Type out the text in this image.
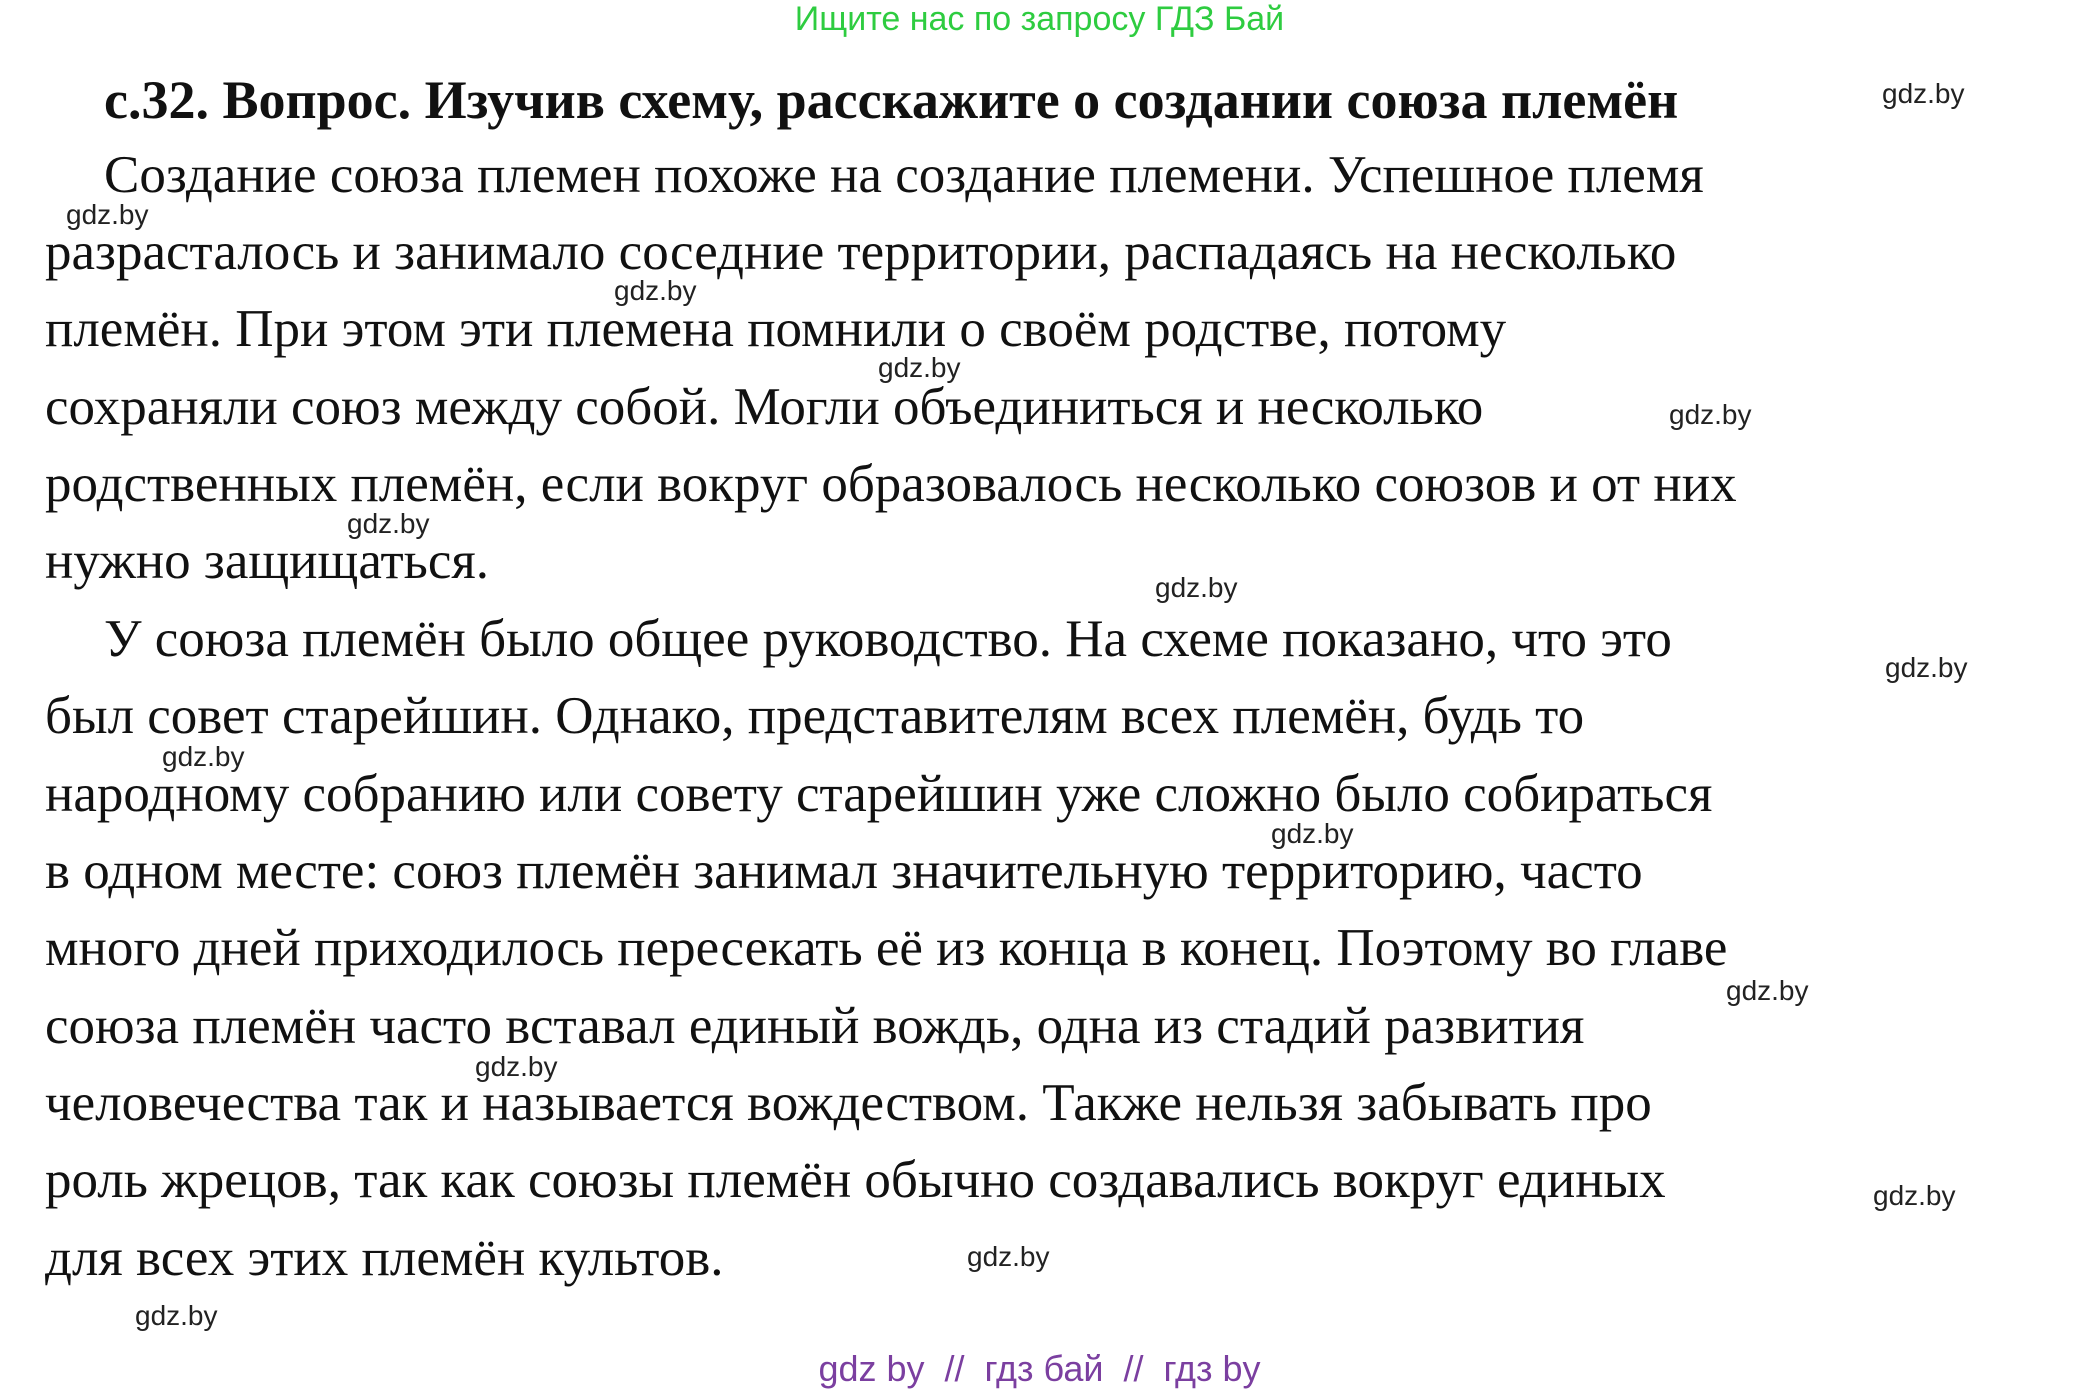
Ищите нас по запросу ГДЗ Бай
с.32. Вопрос. Изучив схему, расскажите о создании союза племён
Создание союза племен похоже на создание племени. Успешное племя
разрасталось и занимало соседние территории, распадаясь на несколько
племён. При этом эти племена помнили о своём родстве, потому
сохраняли союз между собой. Могли объединиться и несколько
родственных племён, если вокруг образовалось несколько союзов и от них
нужно защищаться.
У союза племён было общее руководство. На схеме показано, что это
был совет старейшин. Однако, представителям всех племён, будь то
народному собранию или совету старейшин уже сложно было собираться
в одном месте: союз племён занимал значительную территорию, часто
много дней приходилось пересекать её из конца в конец. Поэтому во главе
союза племён часто вставал единый вождь, одна из стадий развития
человечества так и называется вождеством. Также нельзя забывать про
роль жрецов, так как союзы племён обычно создавались вокруг единых
для всех этих племён культов.
gdz.by
gdz.by
gdz.by
gdz.by
gdz.by
gdz.by
gdz.by
gdz.by
gdz.by
gdz.by
gdz.by
gdz.by
gdz.by
gdz.by
gdz.by
gdz by  //  гдз бай  //  гдз by
